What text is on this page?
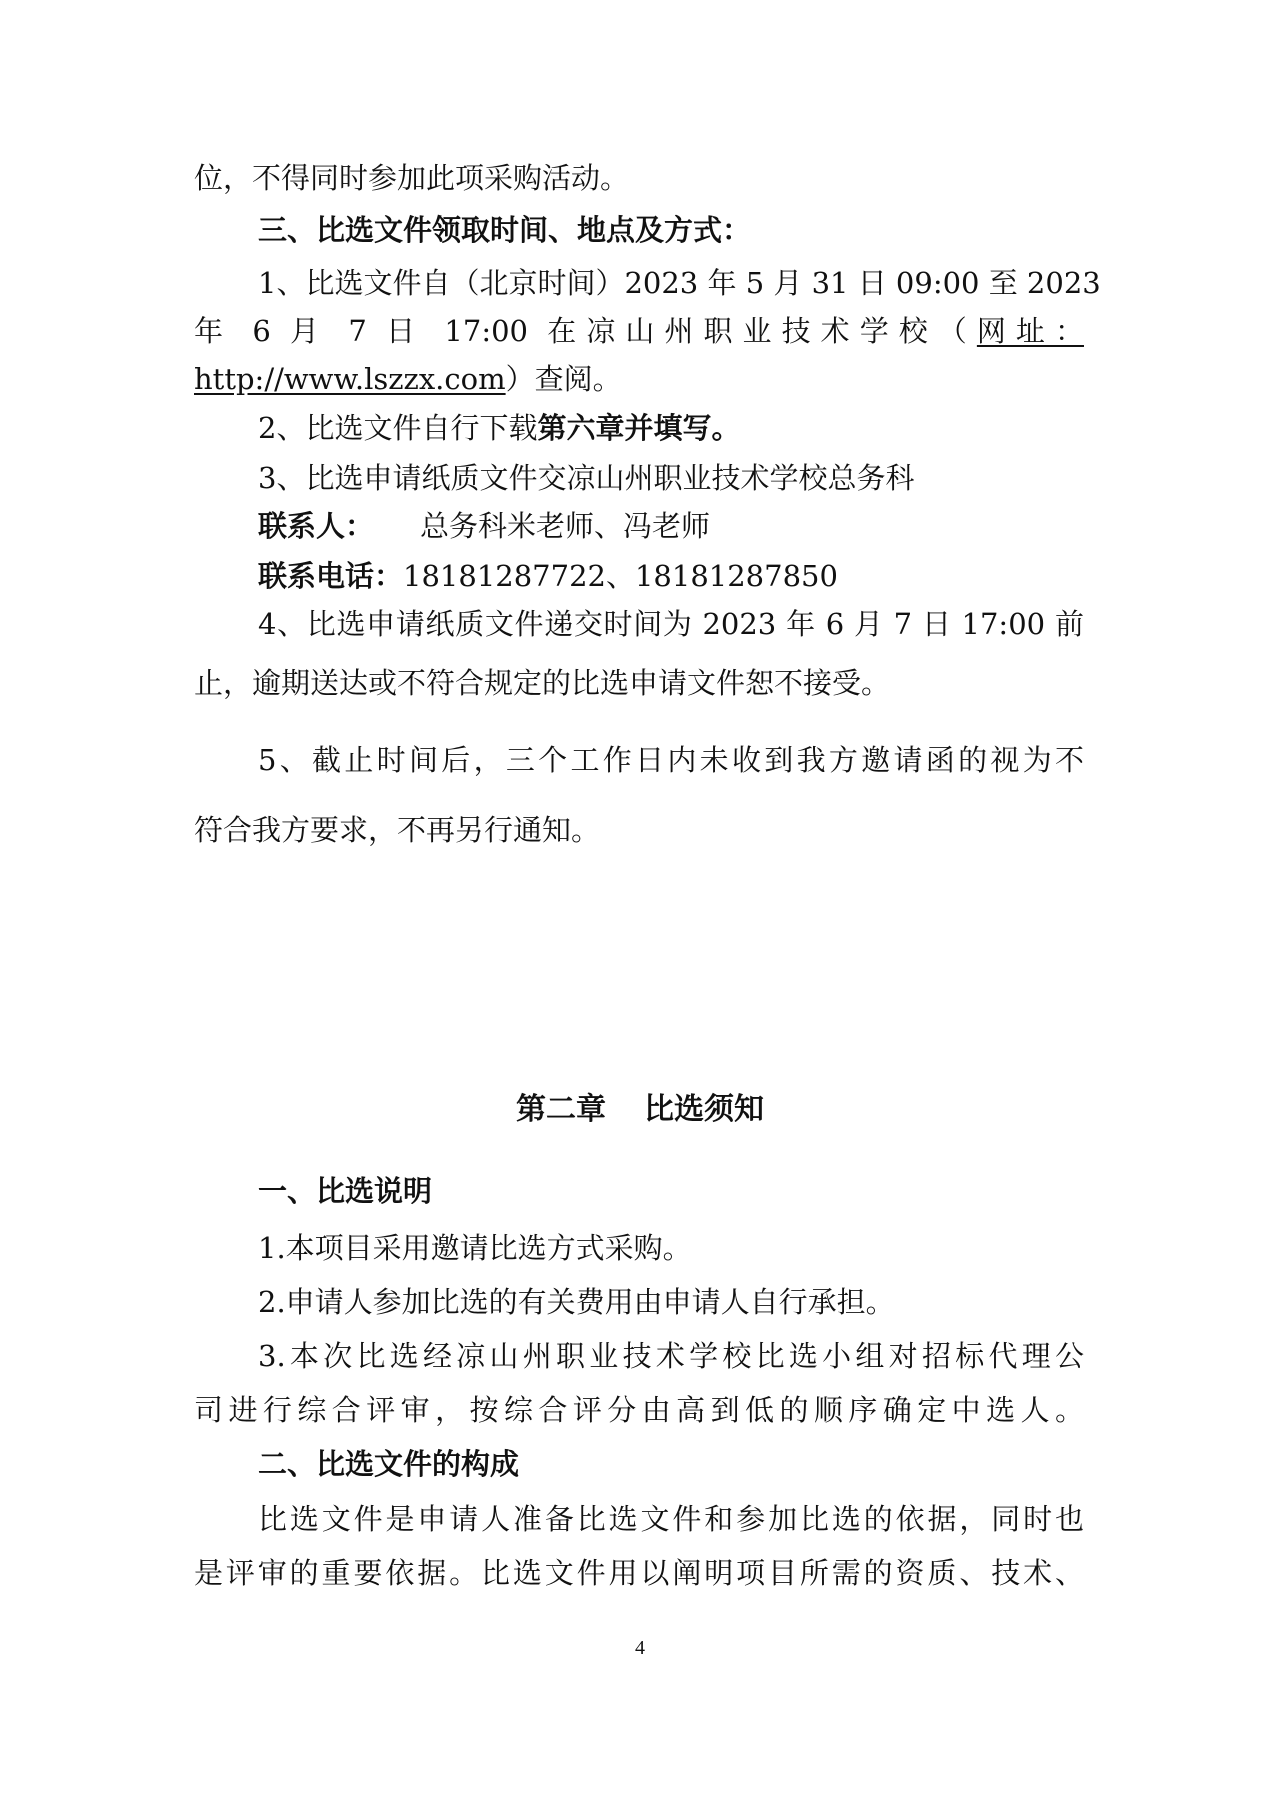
位，不得同时参加此项采购活动。
三、比选文件领取时间、地点及方式：
1、比选文件自（北京时间）2023 年 5 月 31 日 09:00 至 2023
年 6 月 7 日 17:00 在凉山州职业技术学校（网址：
http://www.lszzx.com）查阅。
2、比选文件自行下载第六章并填写。
3、比选申请纸质文件交凉山州职业技术学校总务科
联系人： 总务科米老师、冯老师
联系电话：18181287722、18181287850
4、比选申请纸质文件递交时间为 2023 年 6 月 7 日 17:00 前
止，逾期送达或不符合规定的比选申请文件恕不接受。
5、截止时间后，三个工作日内未收到我方邀请函的视为不
符合我方要求，不再另行通知。
第二章 比选须知
一、比选说明
1.本项目采用邀请比选方式采购。
2.申请人参加比选的有关费用由申请人自行承担。
3.本次比选经凉山州职业技术学校比选小组对招标代理公
司进行综合评审，按综合评分由高到低的顺序确定中选人。
二、比选文件的构成
比选文件是申请人准备比选文件和参加比选的依据，同时也
是评审的重要依据。比选文件用以阐明项目所需的资质、技术、
4
